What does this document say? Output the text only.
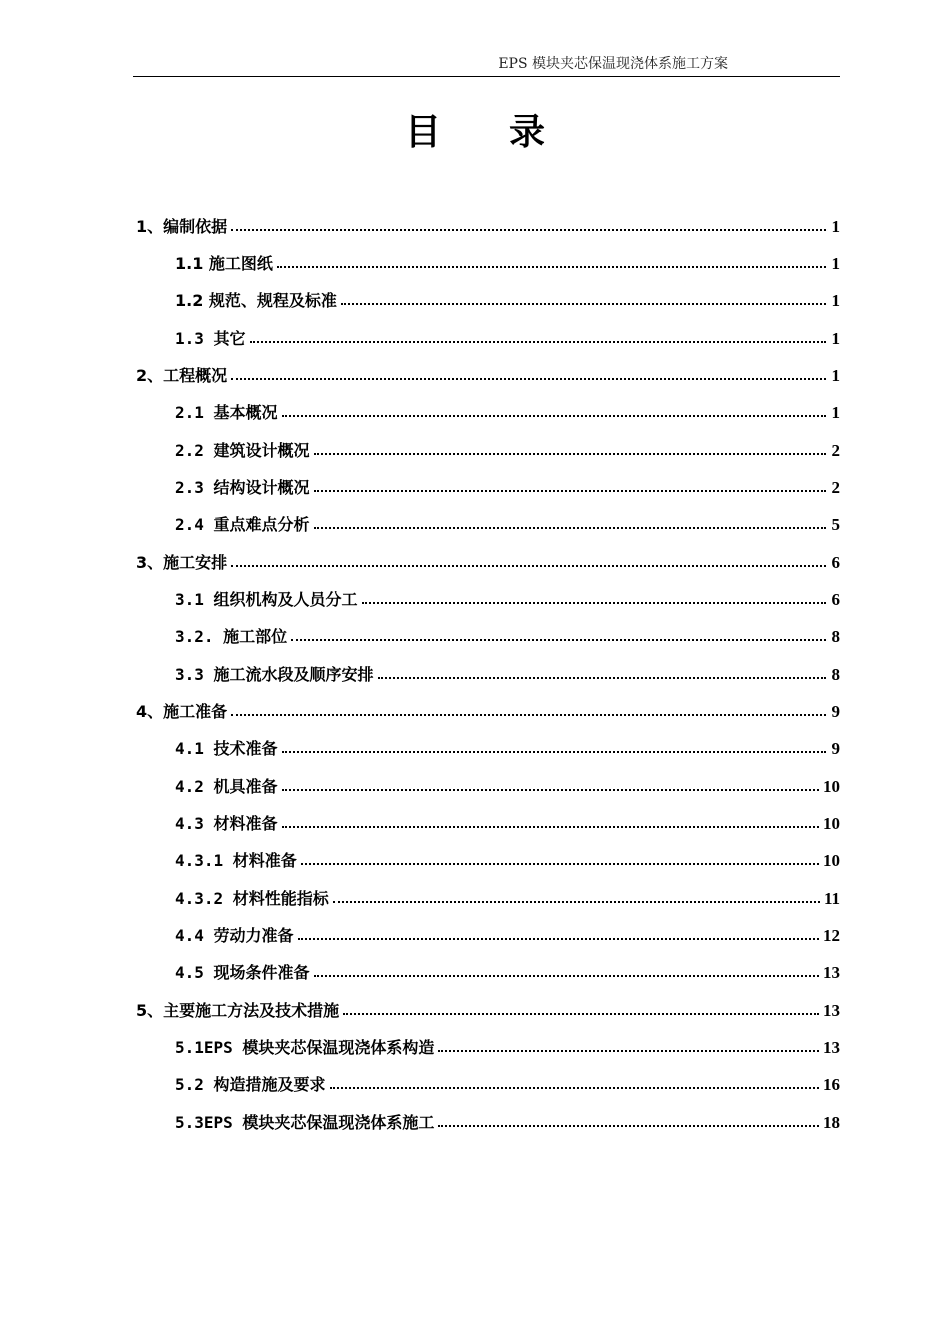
EPS 模块夹芯保温现浇体系施工方案
目 录
1、编制依据	1
1.1 施工图纸	1
1.2 规范、规程及标准	1
1.3 其它	1
2、工程概况	1
2.1 基本概况	1
2.2 建筑设计概况	2
2.3 结构设计概况	2
2.4 重点难点分析	5
3、施工安排	6
3.1 组织机构及人员分工	6
3.2. 施工部位	8
3.3 施工流水段及顺序安排	8
4、施工准备	9
4.1 技术准备	9
4.2 机具准备	10
4.3 材料准备	10
4.3.1 材料准备	10
4.3.2 材料性能指标	11
4.4 劳动力准备	12
4.5 现场条件准备	13
5、主要施工方法及技术措施	13
5.1EPS 模块夹芯保温现浇体系构造	13
5.2 构造措施及要求	16
5.3EPS 模块夹芯保温现浇体系施工	18
